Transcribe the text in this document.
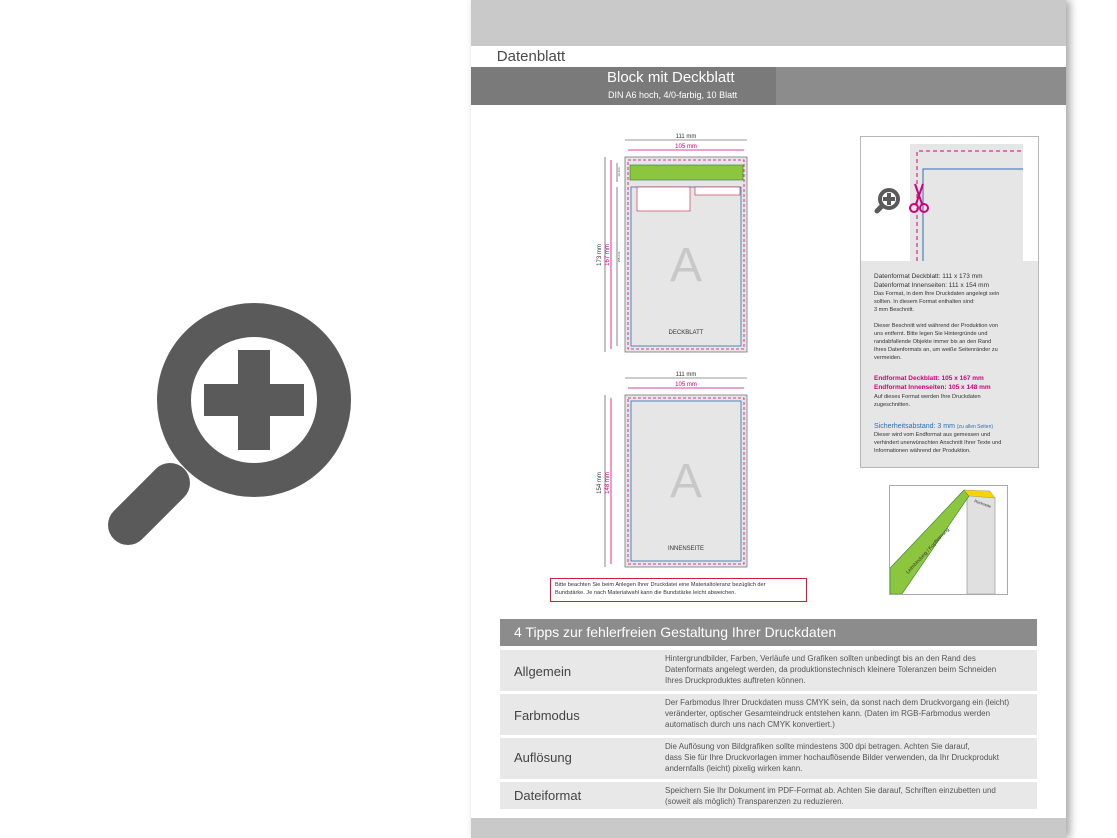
Datenblatt
Block mit Deckblatt
DIN A6 hoch, 4/0-farbig, 10 Blatt
111 mm
105 mm
173 mm 167 mm
12 mm
155 mm A
DECKBLATT
111 mm
105 mm
154 mm 148 mm A
INNENSEITE
Datenformat Deckblatt: 111 x 173 mm
Datenformat Innenseiten: 111 x 154 mm
Das Format, in dem Ihre Druckdaten angelegt sein
sollten. In diesem Format enthalten sind:
3 mm Beschnitt.
Dieser Beschnitt wird während der Produktion von
uns entfernt. Bitte legen Sie Hintergründe und
randabfallende Objekte immer bis an den Rand
Ihres Datenformats an, um weiße Seitenränder zu
vermeiden.
Endformat Deckblatt: 105 x 167 mm
Endformat Innenseiten: 105 x 148 mm
Auf dieses Format werden Ihre Druckdaten
zugeschnitten.
Sicherheitsabstand: 3 mm (zu allen Seiten)
Dieser wird vom Endformat aus gemessen und
verhindert unerwünschten Anschnitt Ihrer Texte und
Informationen während der Produktion.
Rückseite
Leimbindung / Kopfleimung
Bitte beachten Sie beim Anlegen Ihrer Druckdatei eine Materialtoleranz bezüglich der
Bundstärke. Je nach Materialwahl kann die Bundstärke leicht abweichen.
4 Tipps zur fehlerfreien Gestaltung Ihrer Druckdaten
Allgemein
Hintergrundbilder, Farben, Verläufe und Grafiken sollten unbedingt bis an den Rand des
Datenformats angelegt werden, da produktionstechnisch kleinere Toleranzen beim Schneiden
Ihres Druckproduktes auftreten können.
Farbmodus
Der Farbmodus Ihrer Druckdaten muss CMYK sein, da sonst nach dem Druckvorgang ein (leicht)
veränderter, optischer Gesamteindruck entstehen kann. (Daten im RGB-Farbmodus werden
automatisch durch uns nach CMYK konvertiert.)
Auflösung
Die Auflösung von Bildgrafiken sollte mindestens 300 dpi betragen. Achten Sie darauf,
dass Sie für Ihre Druckvorlagen immer hochauflösende Bilder verwenden, da Ihr Druckprodukt
andernfalls (leicht) pixelig wirken kann.
Dateiformat	Speichern Sie Ihr Dokument im PDF-Format ab. Achten Sie darauf, Schriften einzubetten und
(soweit als möglich) Transparenzen zu reduzieren.
